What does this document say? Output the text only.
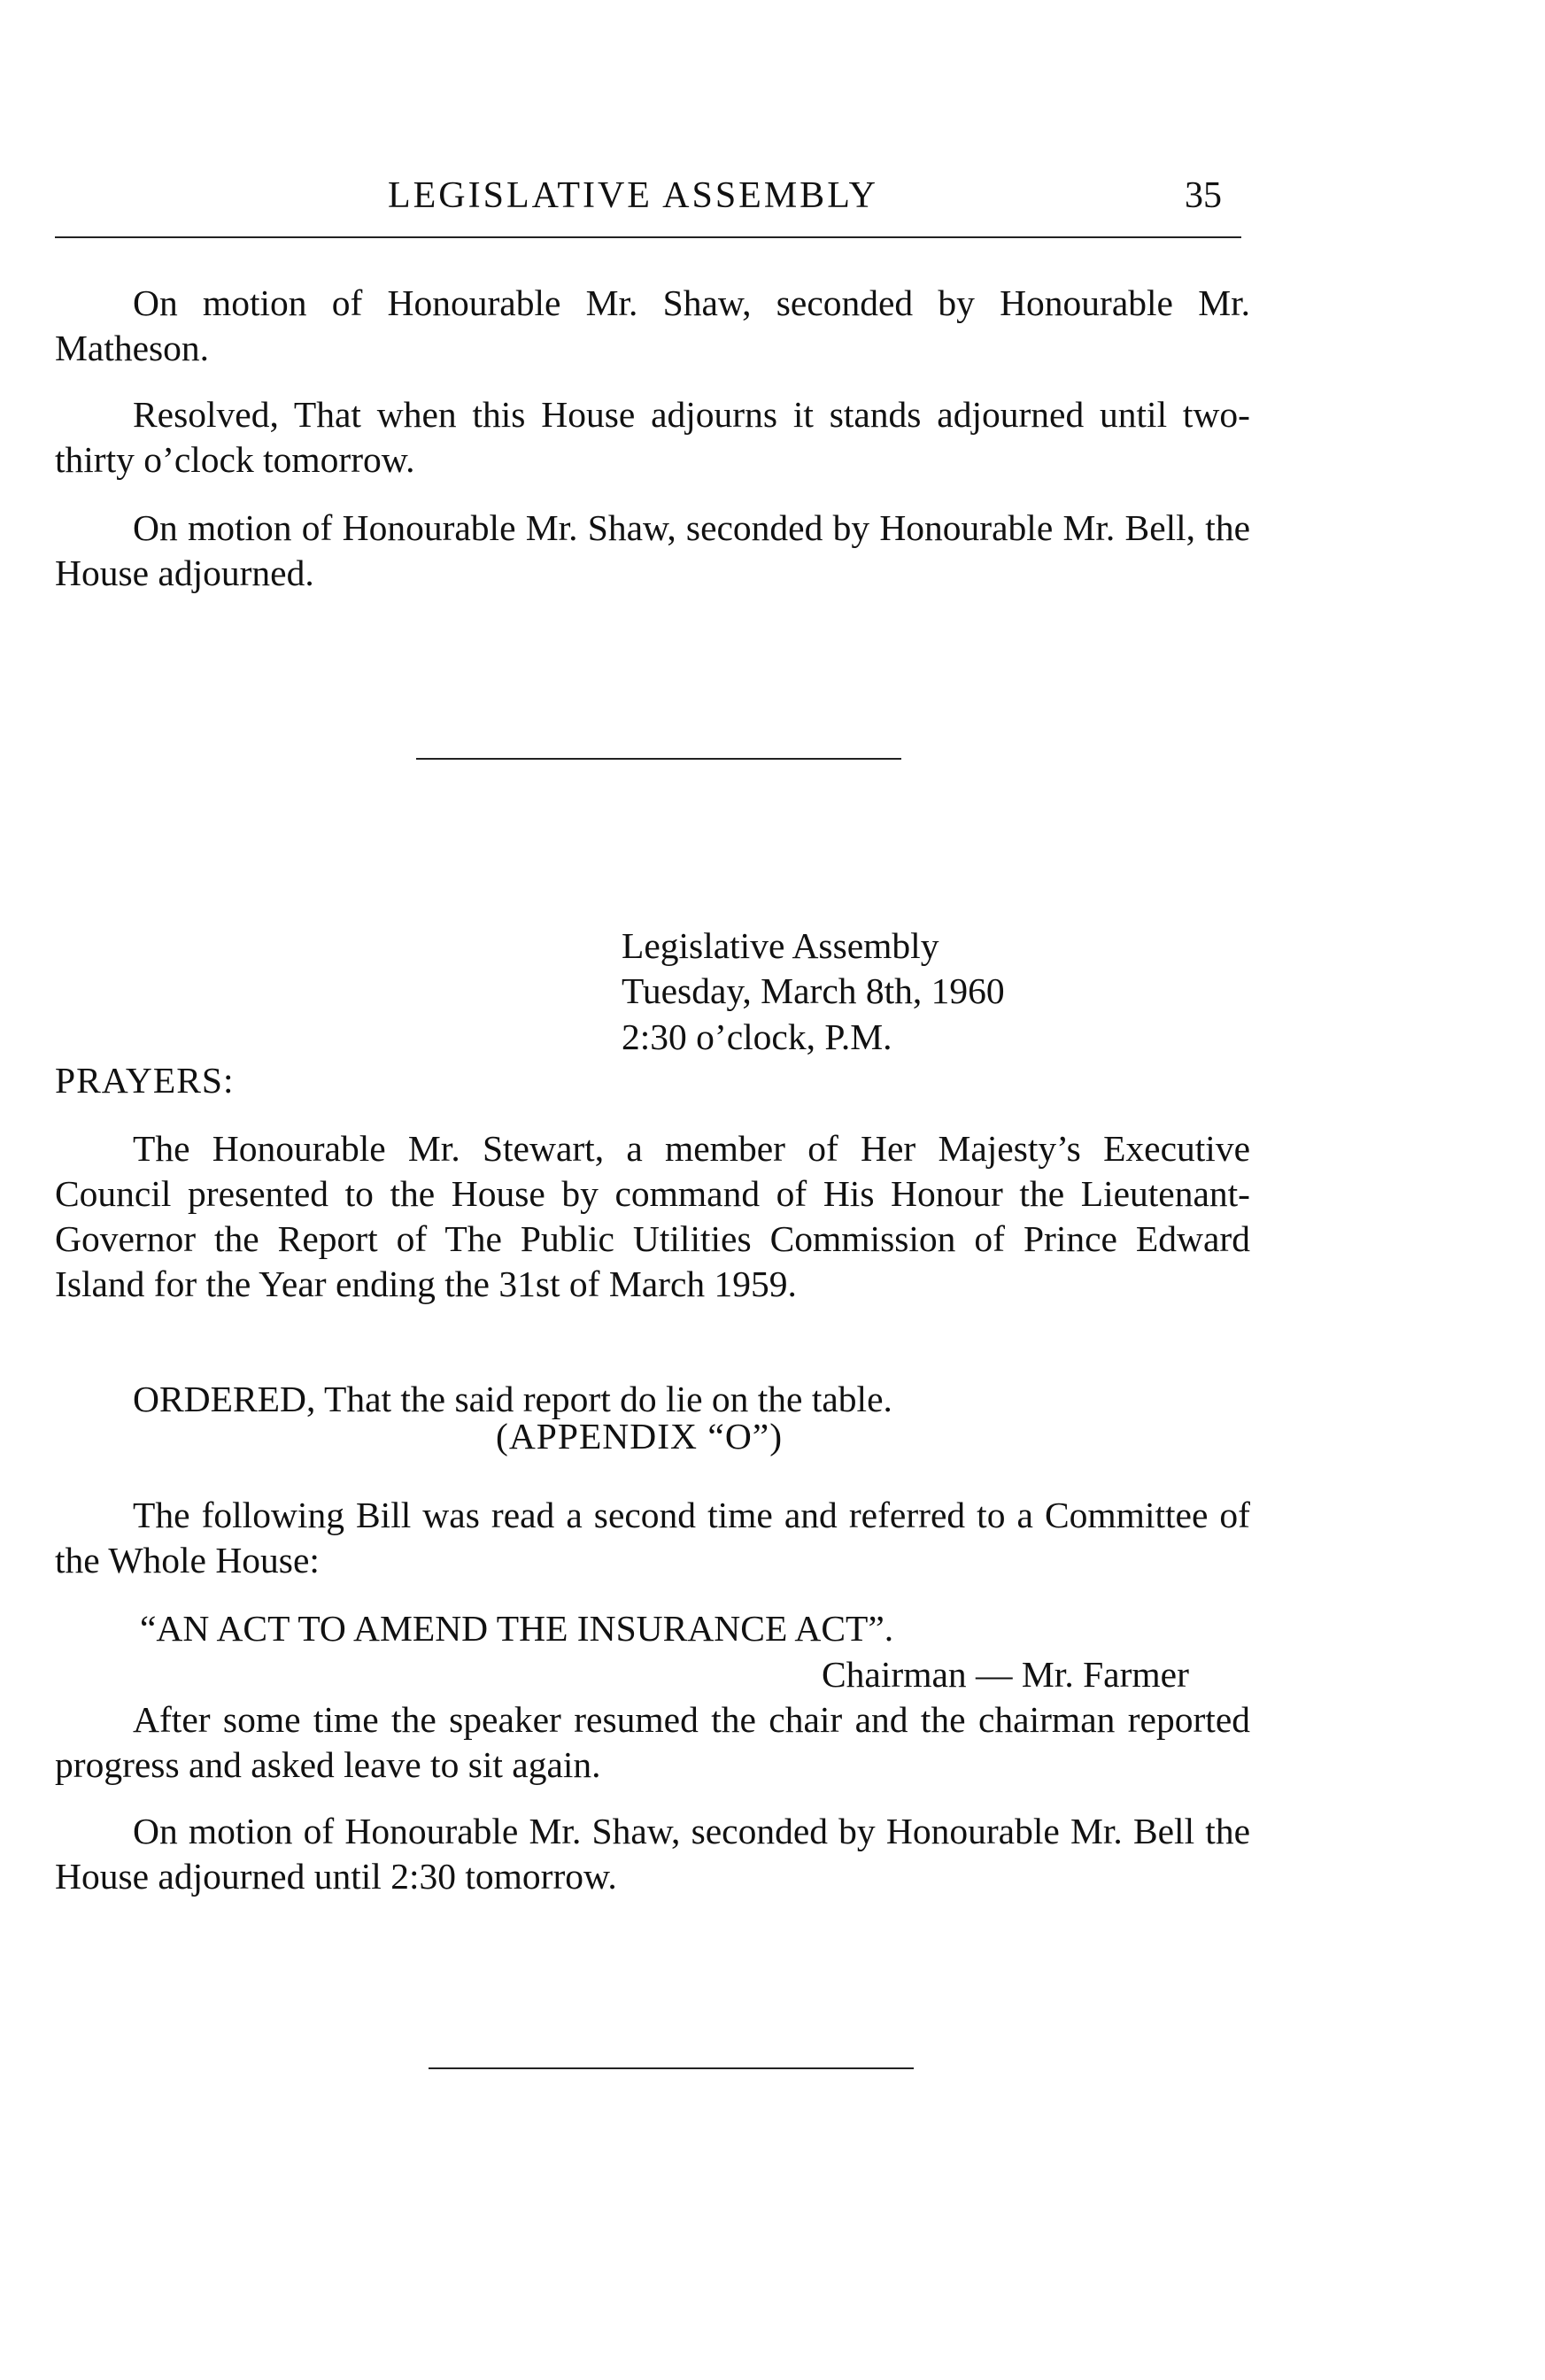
LEGISLATIVE ASSEMBLY	35

On motion of Honourable Mr. Shaw, seconded by Honourable Mr. Matheson.

Resolved, That when this House adjourns it stands adjourned until two-thirty o’clock tomorrow.

On motion of Honourable Mr. Shaw, seconded by Honourable Mr. Bell, the House adjourned.

Legislative Assembly
Tuesday, March 8th, 1960
2:30 o’clock, P.M.
PRAYERS:

The Honourable Mr. Stewart, a member of Her Majesty’s Executive Council presented to the House by command of His Honour the Lieutenant-Governor the Report of The Public Utilities Commission of Prince Edward Island for the Year ending the 31st of March 1959.

ORDERED, That the said report do lie on the table.

(APPENDIX “O”)

The following Bill was read a second time and referred to a Committee of the Whole House:

“AN ACT TO AMEND THE INSURANCE ACT”.
Chairman — Mr. Farmer

After some time the speaker resumed the chair and the chairman reported progress and asked leave to sit again.

On motion of Honourable Mr. Shaw, seconded by Honourable Mr. Bell the House adjourned until 2:30 tomorrow.
